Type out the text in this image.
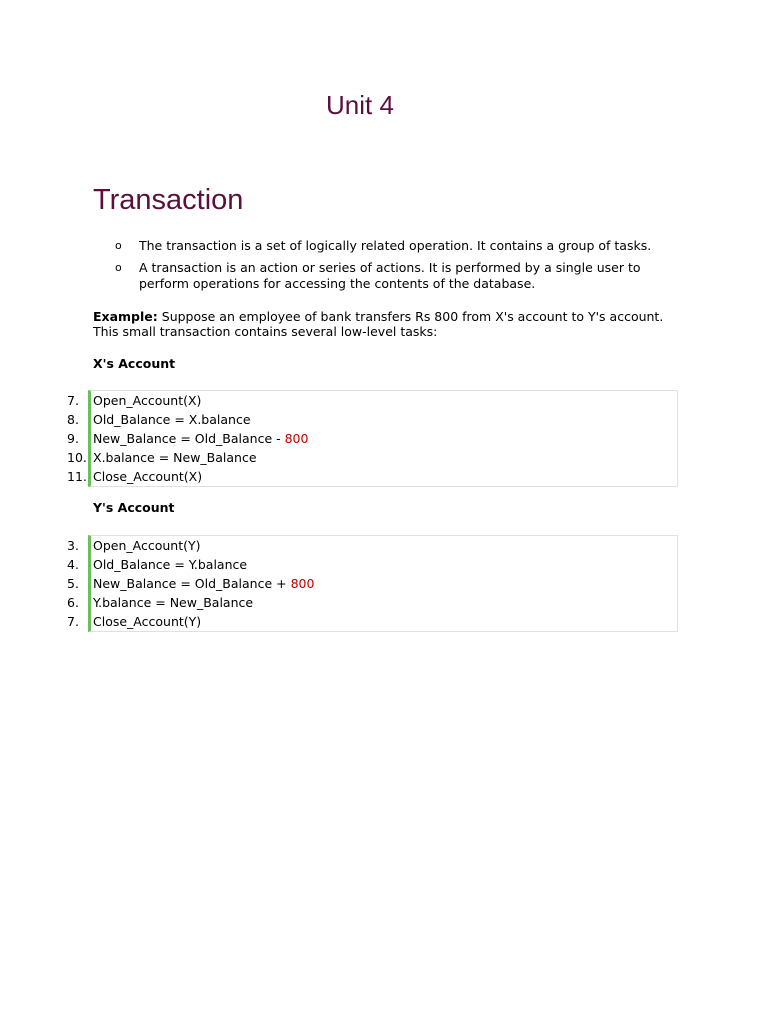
Unit 4
Transaction
o The transaction is a set of logically related operation. It contains a group of tasks.
o A transaction is an action or series of actions. It is performed by a single user to perform operations for accessing the contents of the database.

Example: Suppose an employee of bank transfers Rs 800 from X's account to Y's account. This small transaction contains several low-level tasks:

X's Account

7.	Open_Account(X)
8.	Old_Balance = X.balance
9.	New_Balance = Old_Balance - 800
10. X.balance = New_Balance
11. Close_Account(X)

Y's Account

3.	Open_Account(Y)
4.	Old_Balance = Y.balance
5.	New_Balance = Old_Balance + 800
6.	Y.balance = New_Balance
7.	Close_Account(Y)
